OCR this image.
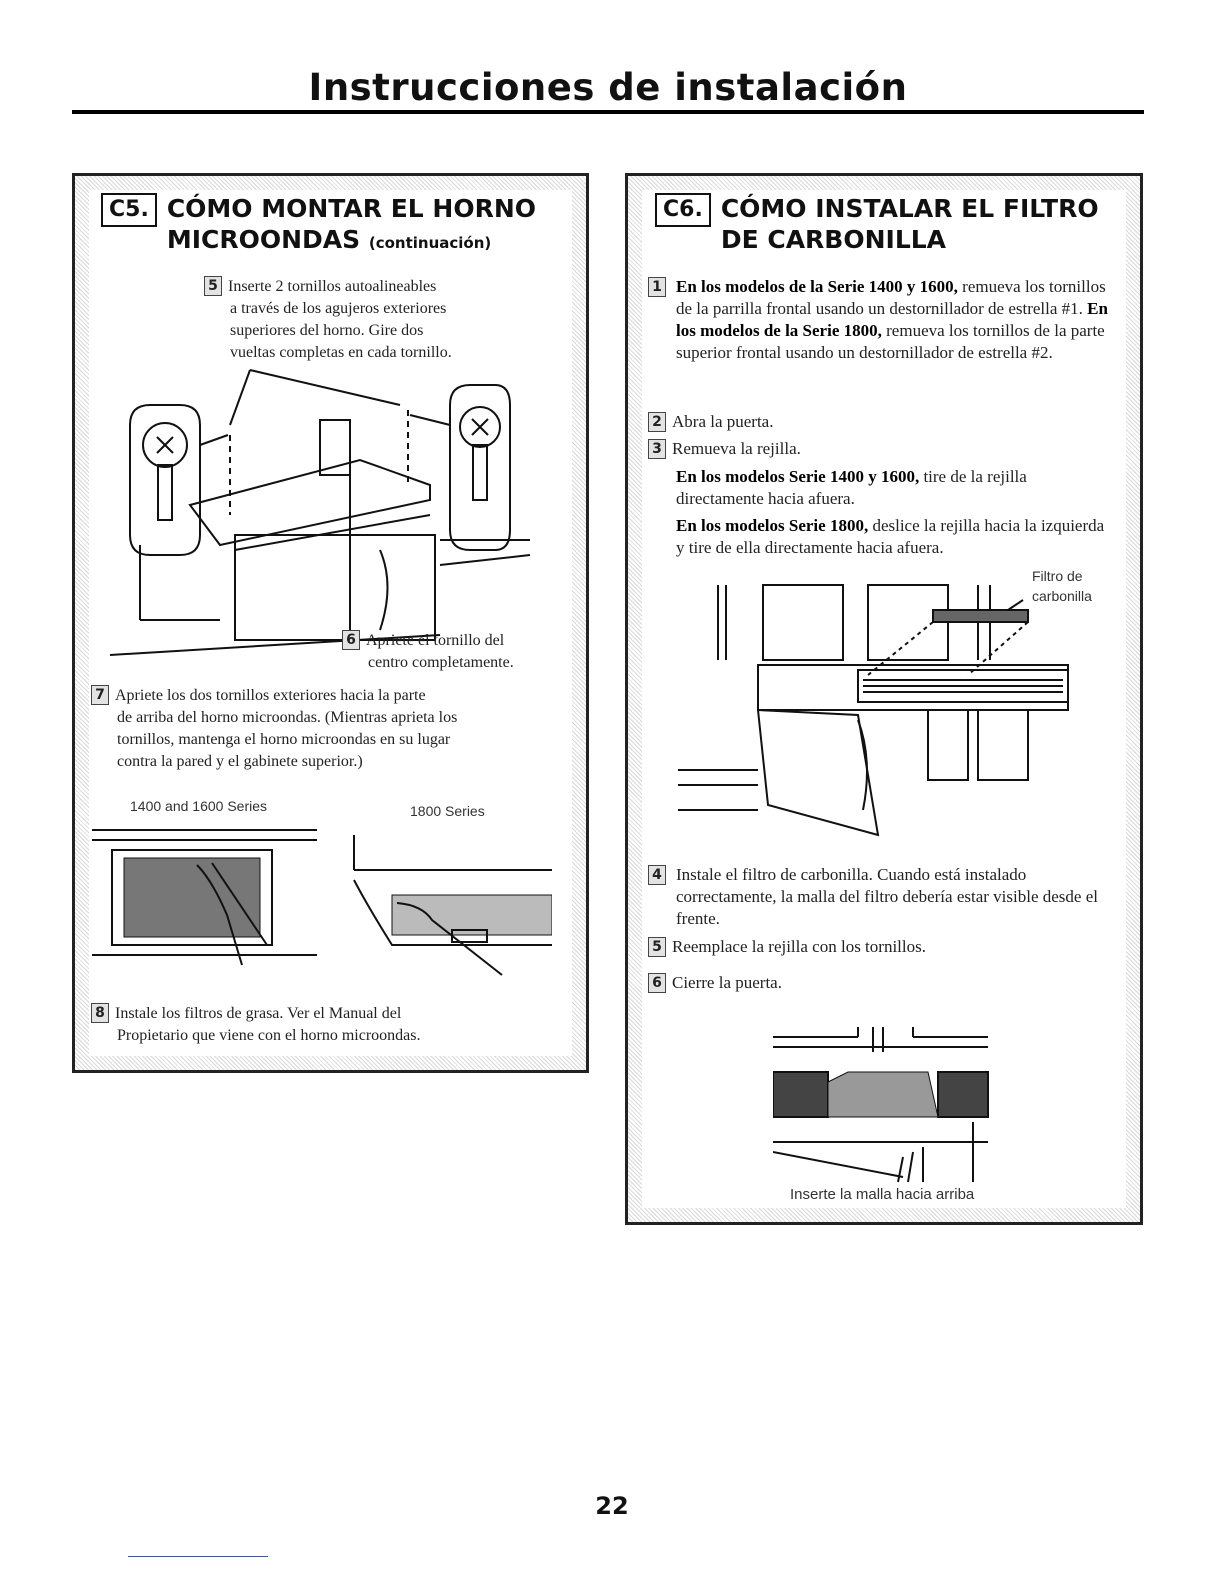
Instrucciones de instalación
C5. CÓMO MONTAR EL HORNO
MICROONDAS (continuación)
5 Inserte 2 tornillos autoalineables
a través de los agujeros exteriores
superiores del horno. Gire dos
vueltas completas en cada tornillo.
6 Apriete el tornillo del
centro completamente.
7 Apriete los dos tornillos exteriores hacia la parte
de arriba del horno microondas. (Mientras aprieta los
tornillos, mantenga el horno microondas en su lugar
contra la pared y el gabinete superior.)
1400 and 1600 Series	1800 Series
8 Instale los filtros de grasa. Ver el Manual del
Propietario que viene con el horno microondas.
C6. CÓMO INSTALAR EL FILTRO
DE CARBONILLA
1 En los modelos de la Serie 1400 y 1600, remueva los tornillos de la parrilla frontal usando un destornillador de estrella #1. En los modelos de la Serie 1800, remueva los tornillos de la parte superior frontal usando un destornillador de estrella #2.
2 Abra la puerta.
3 Remueva la rejilla.
En los modelos Serie 1400 y 1600, tire de la rejilla directamente hacia afuera.
En los modelos Serie 1800, deslice la rejilla hacia la izquierda y tire de ella directamente hacia afuera.
Filtro de
carbonilla
4 Instale el filtro de carbonilla. Cuando está instalado correctamente, la malla del filtro debería estar visible desde el frente.
5 Reemplace la rejilla con los tornillos.
6 Cierre la puerta.
Inserte la malla hacia arriba
22
